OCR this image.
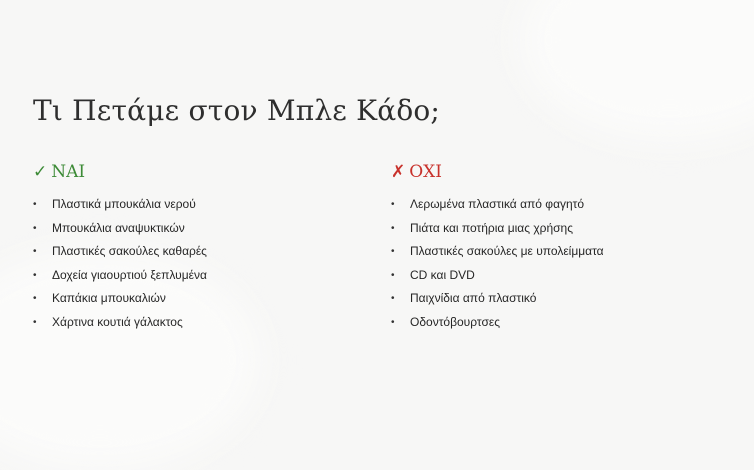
Τι Πετάμε στον Μπλε Κάδο;
✓ ΝΑΙ
• Πλαστικά μπουκάλια νερού
• Μπουκάλια αναψυκτικών
• Πλαστικές σακούλες καθαρές
• Δοχεία γιαουρτιού ξεπλυμένα
• Καπάκια μπουκαλιών
• Χάρτινα κουτιά γάλακτος
✗ ΟΧΙ
• Λερωμένα πλαστικά από φαγητό
• Πιάτα και ποτήρια μιας χρήσης
• Πλαστικές σακούλες με υπολείμματα
• CD και DVD
• Παιχνίδια από πλαστικό
• Οδοντόβουρτσες
